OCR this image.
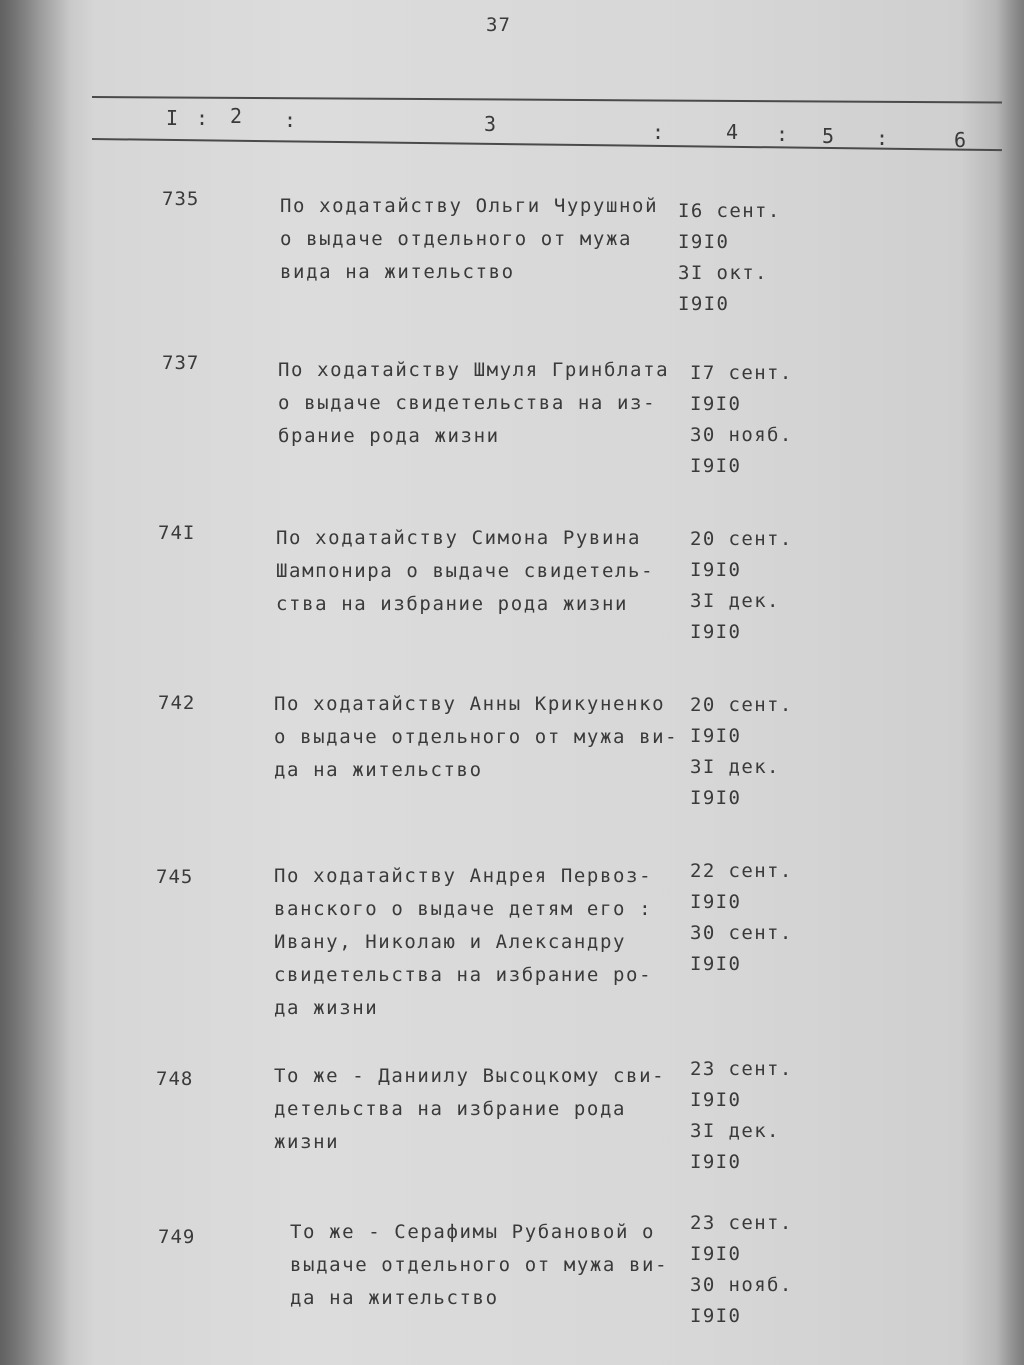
37
I : 2 :	3	:	4 : 5 :	6
735	По ходатайству Ольги Чурушной
о выдаче отдельного от мужа
вида на жительство
I6 сент.
I9I0
3I окт.
I9I0
737	По ходатайству Шмуля Гринблата
о выдаче свидетельства на из-
брание рода жизни
I7 сент.
I9I0
30 нояб.
I9I0
74I	По ходатайству Симона Рувина
Шампонира о выдаче свидетель-
ства на избрание рода жизни
20 сент.
I9I0
3I дек.
I9I0
742	По ходатайству Анны Крикуненко
о выдаче отдельного от мужа ви-
да на жительство
20 сент.
I9I0
3I дек.
I9I0
745	По ходатайству Андрея Первоз-
ванского о выдаче детям его :
Ивану, Николаю и Александру
свидетельства на избрание ро-
да жизни
22 сент.
I9I0
30 сент.
I9I0
748	То же - Даниилу Высоцкому сви-
детельства на избрание рода
жизни
23 сент.
I9I0
3I дек.
I9I0
749	То же - Серафимы Рубановой о
выдаче отдельного от мужа ви-
да на жительство
23 сент.
I9I0
30 нояб.
I9I0
